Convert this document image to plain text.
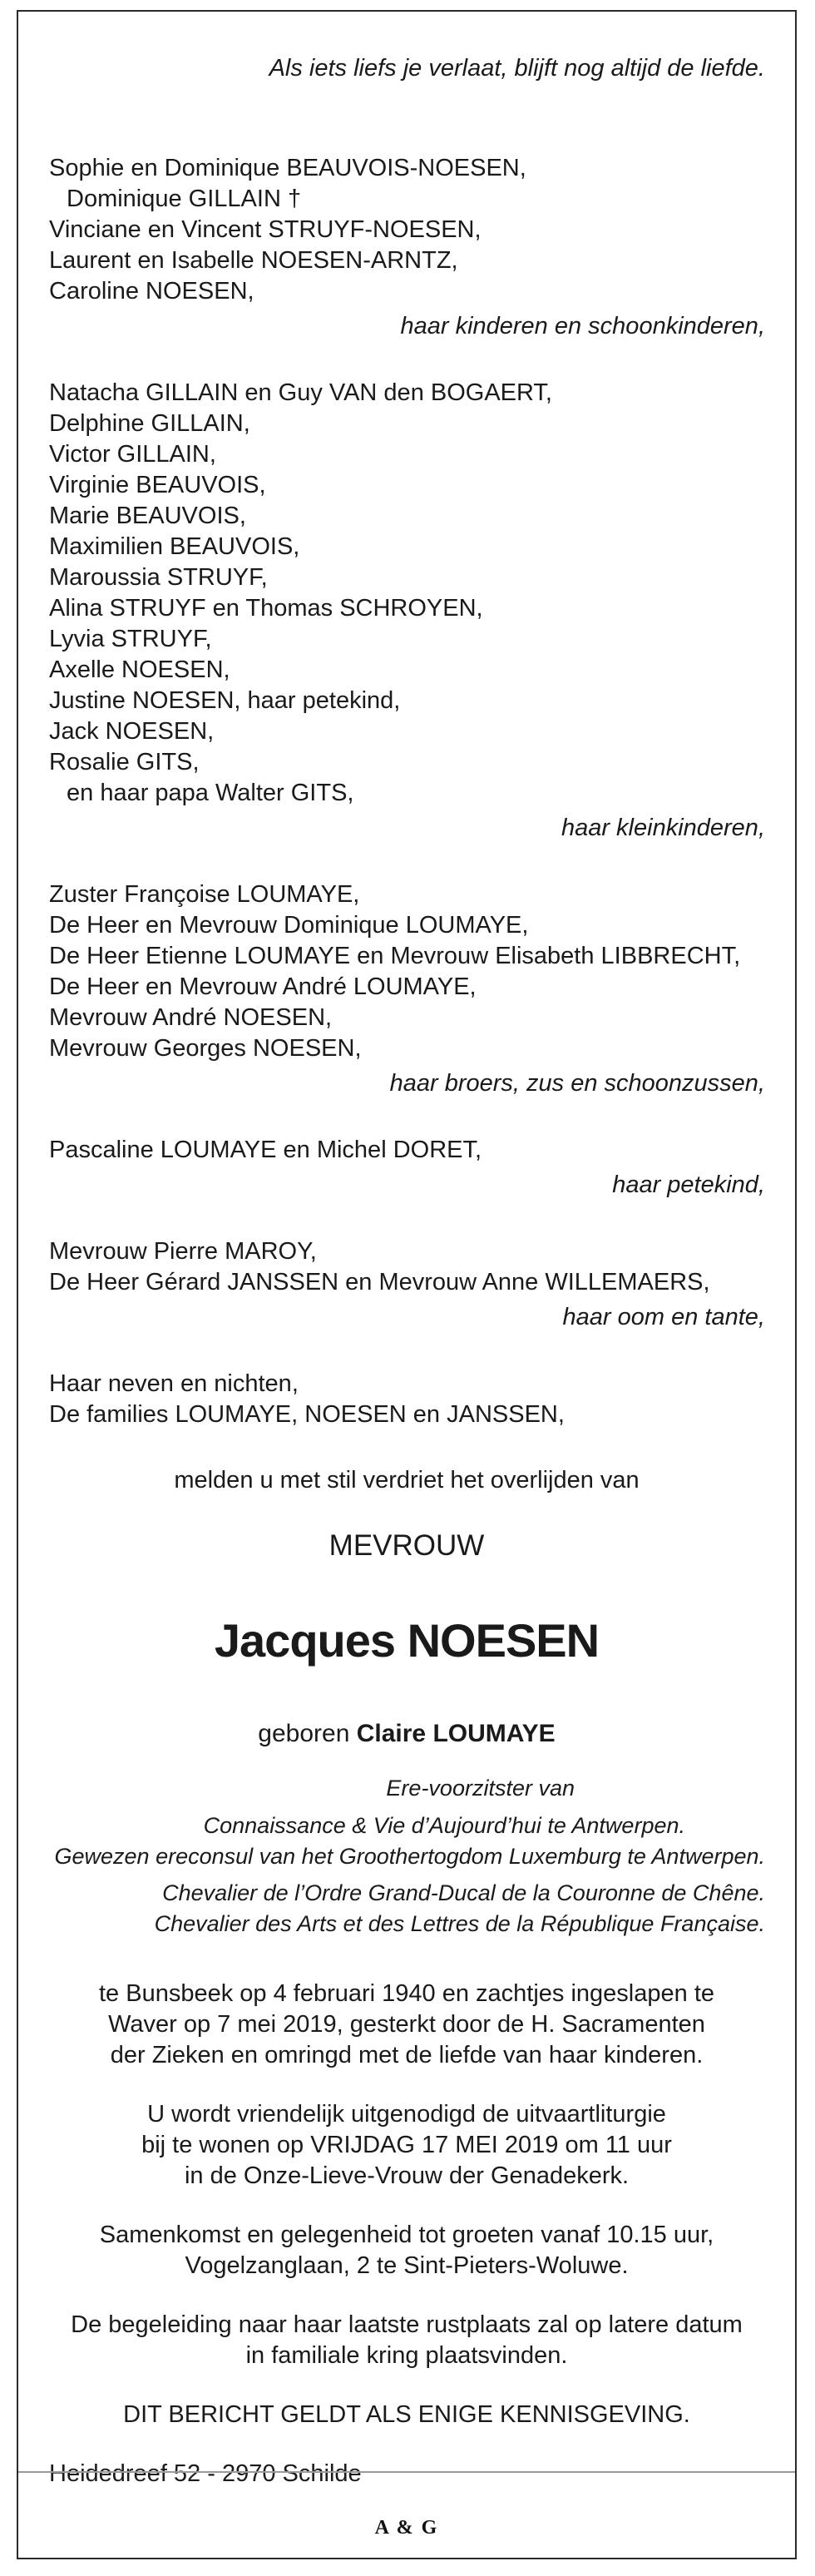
Als iets liefs je verlaat, blijft nog altijd de liefde.
Sophie en Dominique BEAUVOIS-NOESEN,
Dominique GILLAIN †
Vinciane en Vincent STRUYF-NOESEN,
Laurent en Isabelle NOESEN-ARNTZ,
Caroline NOESEN,
haar kinderen en schoonkinderen,
Natacha GILLAIN en Guy VAN den BOGAERT,
Delphine GILLAIN,
Victor GILLAIN,
Virginie BEAUVOIS,
Marie BEAUVOIS,
Maximilien BEAUVOIS,
Maroussia STRUYF,
Alina STRUYF en Thomas SCHROYEN,
Lyvia STRUYF,
Axelle NOESEN,
Justine NOESEN, haar petekind,
Jack NOESEN,
Rosalie GITS,
en haar papa Walter GITS,
haar kleinkinderen,
Zuster Françoise LOUMAYE,
De Heer en Mevrouw Dominique LOUMAYE,
De Heer Etienne LOUMAYE en Mevrouw Elisabeth LIBBRECHT,
De Heer en Mevrouw André LOUMAYE,
Mevrouw André NOESEN,
Mevrouw Georges NOESEN,
haar broers, zus en schoonzussen,
Pascaline LOUMAYE en Michel DORET,
haar petekind,
Mevrouw Pierre MAROY,
De Heer Gérard JANSSEN en Mevrouw Anne WILLEMAERS,
haar oom en tante,
Haar neven en nichten,
De families LOUMAYE, NOESEN en JANSSEN,
melden u met stil verdriet het overlijden van
MEVROUW
Jacques NOESEN
geboren Claire LOUMAYE
Ere-voorzitster van
Connaissance & Vie d’Aujourd’hui te Antwerpen.
Gewezen ereconsul van het Groothertogdom Luxemburg te Antwerpen.
Chevalier de l’Ordre Grand-Ducal de la Couronne de Chêne.
Chevalier des Arts et des Lettres de la République Française.
te Bunsbeek op 4 februari 1940 en zachtjes ingeslapen te
Waver op 7 mei 2019, gesterkt door de H. Sacramenten
der Zieken en omringd met de liefde van haar kinderen.
U wordt vriendelijk uitgenodigd de uitvaartliturgie
bij te wonen op VRIJDAG 17 MEI 2019 om 11 uur
in de Onze-Lieve-Vrouw der Genadekerk.
Samenkomst en gelegenheid tot groeten vanaf 10.15 uur,
Vogelzanglaan, 2 te Sint-Pieters-Woluwe.
De begeleiding naar haar laatste rustplaats zal op latere datum
in familiale kring plaatsvinden.
DIT BERICHT GELDT ALS ENIGE KENNISGEVING.
Heidedreef 52 - 2970 Schilde
A & G
